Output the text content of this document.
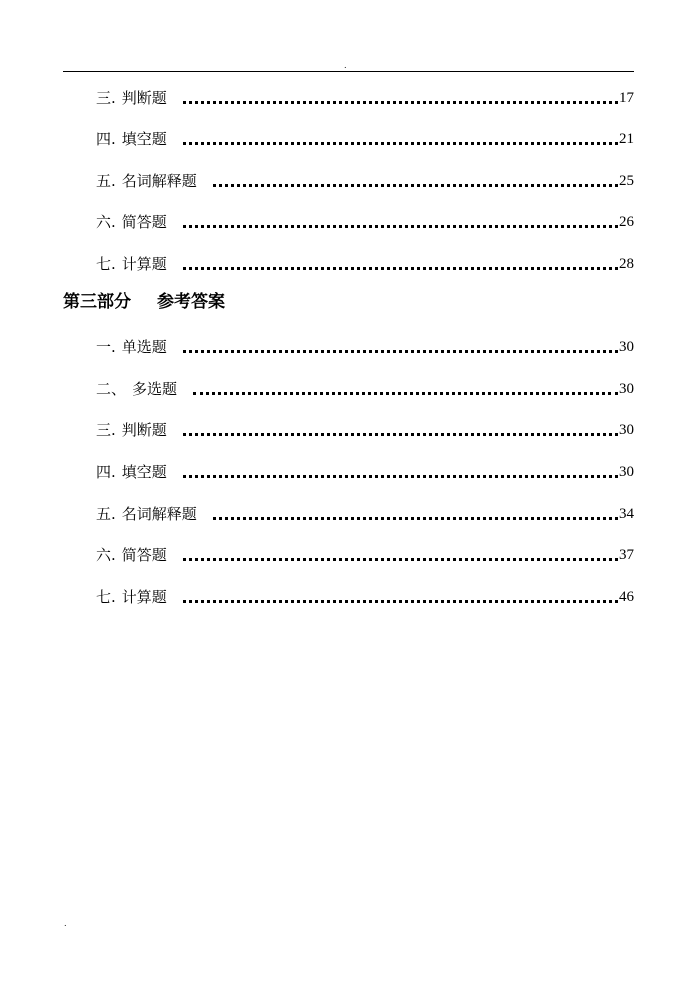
.
三. 判断题	17
四. 填空题	21
五. 名词解释题	25
六. 简答题	26
七. 计算题	28
第三部分 参考答案
一. 单选题	30
二、 多选题	30
三. 判断题	30
四. 填空题	30
五. 名词解释题	34
六. 简答题	37
七. 计算题	46
.
